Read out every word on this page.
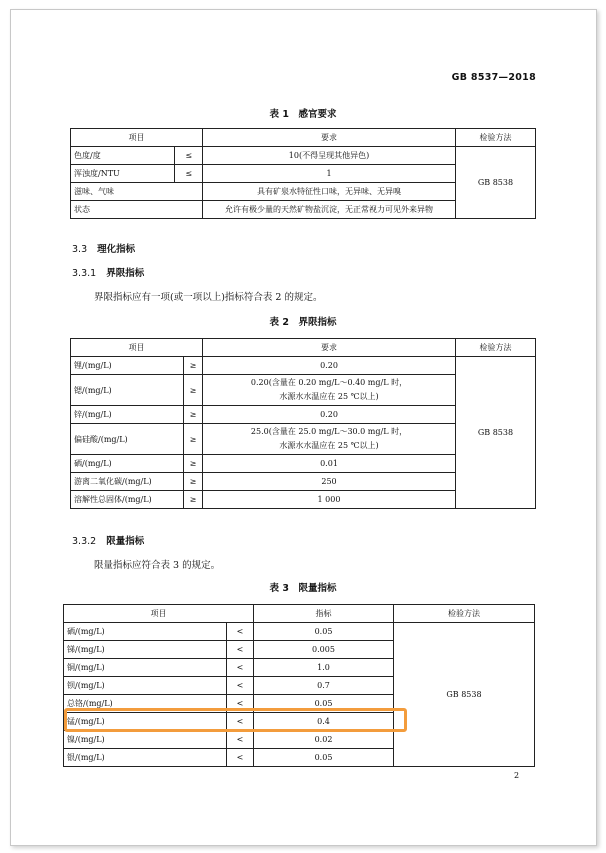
GB 8537—2018
表 1　感官要求
项目		要求	检验方法
色度/度	≤	10(不得呈现其他异色)	GB 8538
浑浊度/NTU	≤	1	
滋味、气味		具有矿泉水特征性口味，无异味、无异嗅	
状态		允许有极少量的天然矿物盐沉淀，无正常视力可见外来异物	
3.3 理化指标
3.3.1 界限指标
界限指标应有一项(或一项以上)指标符合表 2 的规定。
表 2　界限指标
项目		要求	检验方法
锂/(mg/L)	≥	0.20	GB 8538
锶/(mg/L)	≥	0.20(含量在 0.20 mg/L～0.40 mg/L 时，
水源水水温应在 25 ℃以上)	
锌/(mg/L)	≥	0.20	
偏硅酸/(mg/L)	≥	25.0(含量在 25.0 mg/L～30.0 mg/L 时，
水源水水温应在 25 ℃以上)	
硒/(mg/L)	≥	0.01	
游离二氧化碳/(mg/L)	≥	250	
溶解性总固体/(mg/L)	≥	1 000	
3.3.2 限量指标
限量指标应符合表 3 的规定。
表 3　限量指标
项目		指标	检验方法
硒/(mg/L)	<	0.05	GB 8538
锑/(mg/L)	<	0.005	
铜/(mg/L)	<	1.0	
钡/(mg/L)	<	0.7	
总铬/(mg/L)	<	0.05	
锰/(mg/L)	<	0.4	
镍/(mg/L)	<	0.02	
银/(mg/L)	<	0.05	
2
